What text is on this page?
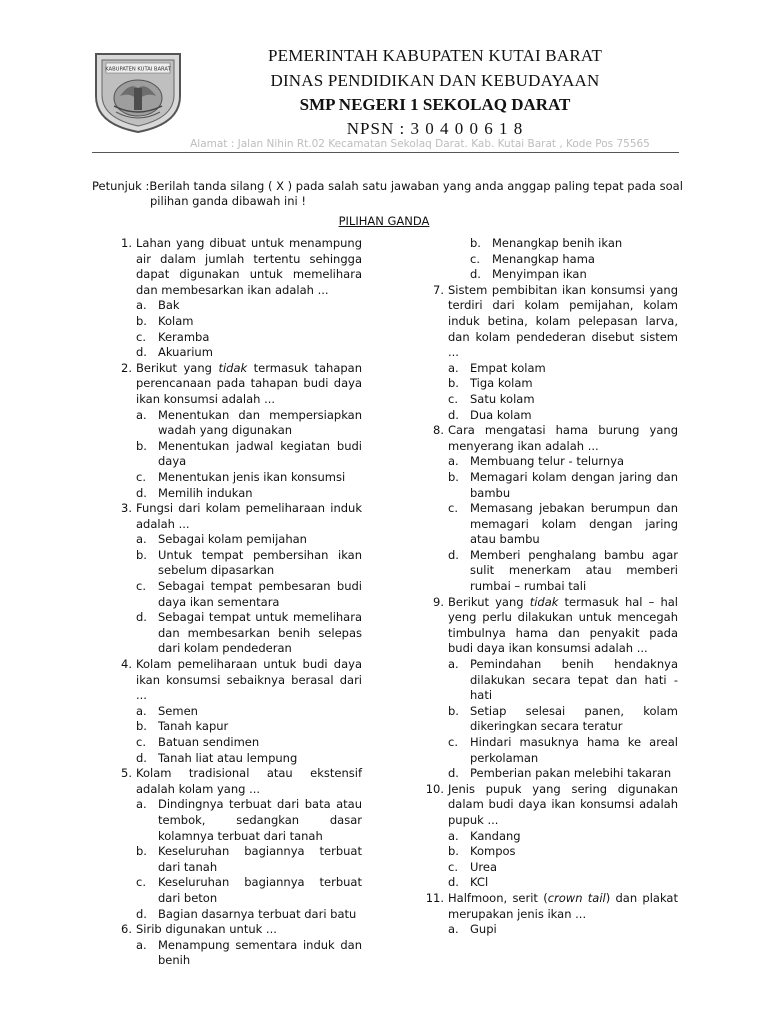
KABUPATEN KUTAI BARAT
PEMERINTAH KABUPATEN KUTAI BARAT
DINAS PENDIDIKAN DAN KEBUDAYAAN
SMP NEGERI 1 SEKOLAQ DARAT
NPSN : 3 0 4 0 0 6 1 8
Alamat : Jalan Nihin Rt.02 Kecamatan Sekolaq Darat. Kab. Kutai Barat , Kode Pos 75565
Petunjuk :Berilah tanda silang ( X ) pada salah satu jawaban yang anda anggap paling tepat pada soal
pilihan ganda dibawah ini !
PILIHAN GANDA
1. Lahan yang dibuat untuk menampung air dalam jumlah tertentu sehingga dapat digunakan untuk memelihara dan membesarkan ikan adalah ...
a. Bak
b. Kolam
c. Keramba
d. Akuarium
2. Berikut yang tidak termasuk tahapan perencanaan pada tahapan budi daya ikan konsumsi adalah ...
a. Menentukan dan mempersiapkan wadah yang digunakan
b. Menentukan jadwal kegiatan budi daya
c. Menentukan jenis ikan konsumsi
d. Memilih indukan
3. Fungsi dari kolam pemeliharaan induk adalah ...
a. Sebagai kolam pemijahan
b. Untuk tempat pembersihan ikan sebelum dipasarkan
c. Sebagai tempat pembesaran budi daya ikan sementara
d. Sebagai tempat untuk memelihara dan membesarkan benih selepas dari kolam pendederan
4. Kolam pemeliharaan untuk budi daya ikan konsumsi sebaiknya berasal dari ...
a. Semen
b. Tanah kapur
c. Batuan sendimen
d. Tanah liat atau lempung
5. Kolam tradisional atau ekstensif adalah kolam yang ...
a. Dindingnya terbuat dari bata atau tembok, sedangkan dasar kolamnya terbuat dari tanah
b. Keseluruhan bagiannya terbuat dari tanah
c. Keseluruhan bagiannya terbuat dari beton
d. Bagian dasarnya terbuat dari batu
6. Sirib digunakan untuk ...
a. Menampung sementara induk dan benih
b. Menangkap benih ikan
c. Menangkap hama
d. Menyimpan ikan
7. Sistem pembibitan ikan konsumsi yang terdiri dari kolam pemijahan, kolam induk betina, kolam pelepasan larva, dan kolam pendederan disebut sistem ...
a. Empat kolam
b. Tiga kolam
c. Satu kolam
d. Dua kolam
8. Cara mengatasi hama burung yang menyerang ikan adalah ...
a. Membuang telur - telurnya
b. Memagari kolam dengan jaring dan bambu
c. Memasang jebakan berumpun dan memagari kolam dengan jaring atau bambu
d. Memberi penghalang bambu agar sulit menerkam atau memberi rumbai – rumbai tali
9. Berikut yang tidak termasuk hal – hal yeng perlu dilakukan untuk mencegah timbulnya hama dan penyakit pada budi daya ikan konsumsi adalah ...
a. Pemindahan benih hendaknya dilakukan secara tepat dan hati - hati
b. Setiap selesai panen, kolam dikeringkan secara teratur
c. Hindari masuknya hama ke areal perkolaman
d. Pemberian pakan melebihi takaran
10. Jenis pupuk yang sering digunakan dalam budi daya ikan konsumsi adalah pupuk ...
a. Kandang
b. Kompos
c. Urea
d. KCl
11. Halfmoon, serit (crown tail) dan plakat merupakan jenis ikan ...
a. Gupi
